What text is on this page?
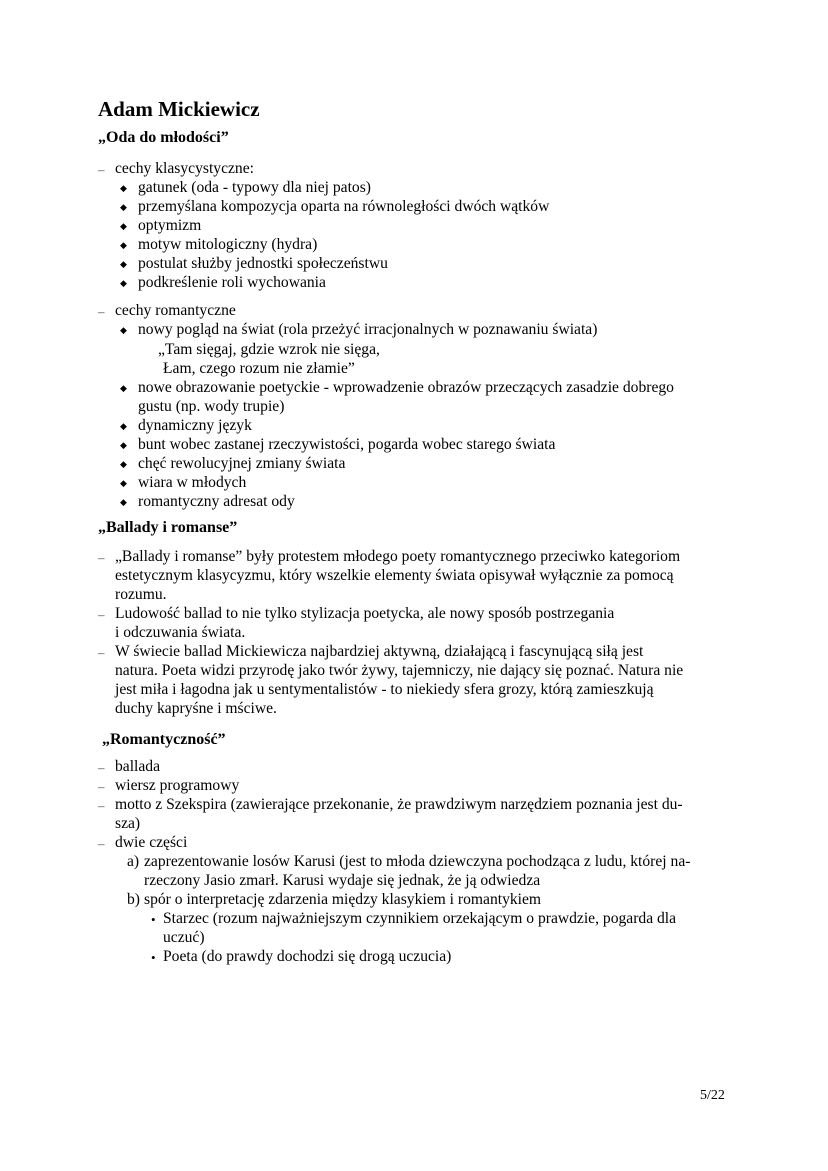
Adam Mickiewicz
„Oda do młodości”
– cechy klasycystyczne:

◆ gatunek (oda - typowy dla niej patos)

◆ przemyślana kompozycja oparta na równoległości dwóch wątków

◆ optymizm

◆ motyw mitologiczny (hydra)

◆ postulat służby jednostki społeczeństwu

◆ podkreślenie roli wychowania

– cechy romantyczne

◆ nowy pogląd na świat (rola przeżyć irracjonalnych w poznawaniu świata)

„Tam sięgaj, gdzie wzrok nie sięga,

Łam, czego rozum nie złamie”

◆ nowe obrazowanie poetyckie - wprowadzenie obrazów przeczących zasadzie dobrego

gustu (np. wody trupie)

◆ dynamiczny język

◆ bunt wobec zastanej rzeczywistości, pogarda wobec starego świata

◆ chęć rewolucyjnej zmiany świata

◆ wiara w młodych

◆ romantyczny adresat ody

„Ballady i romanse”
– „Ballady i romanse” były protestem młodego poety romantycznego przeciwko kategoriom

estetycznym klasycyzmu, który wszelkie elementy świata opisywał wyłącznie za pomocą

rozumu.

– Ludowość ballad to nie tylko stylizacja poetycka, ale nowy sposób postrzegania

i odczuwania świata.

– W świecie ballad Mickiewicza najbardziej aktywną, działającą i fascynującą siłą jest

natura. Poeta widzi przyrodę jako twór żywy, tajemniczy, nie dający się poznać. Natura nie

jest miła i łagodna jak u sentymentalistów - to niekiedy sfera grozy, którą zamieszkują

duchy kapryśne i mściwe.

„Romantyczność”
– ballada

– wiersz programowy

– motto z Szekspira (zawierające przekonanie, że prawdziwym narzędziem poznania jest du-

sza)

– dwie części

a) zaprezentowanie losów Karusi (jest to młoda dziewczyna pochodząca z ludu, której na-

rzeczony Jasio zmarł. Karusi wydaje się jednak, że ją odwiedza

b) spór o interpretację zdarzenia między klasykiem i romantykiem

• Starzec (rozum najważniejszym czynnikiem orzekającym o prawdzie, pogarda dla

uczuć)

• Poeta (do prawdy dochodzi się drogą uczucia)

5/22
